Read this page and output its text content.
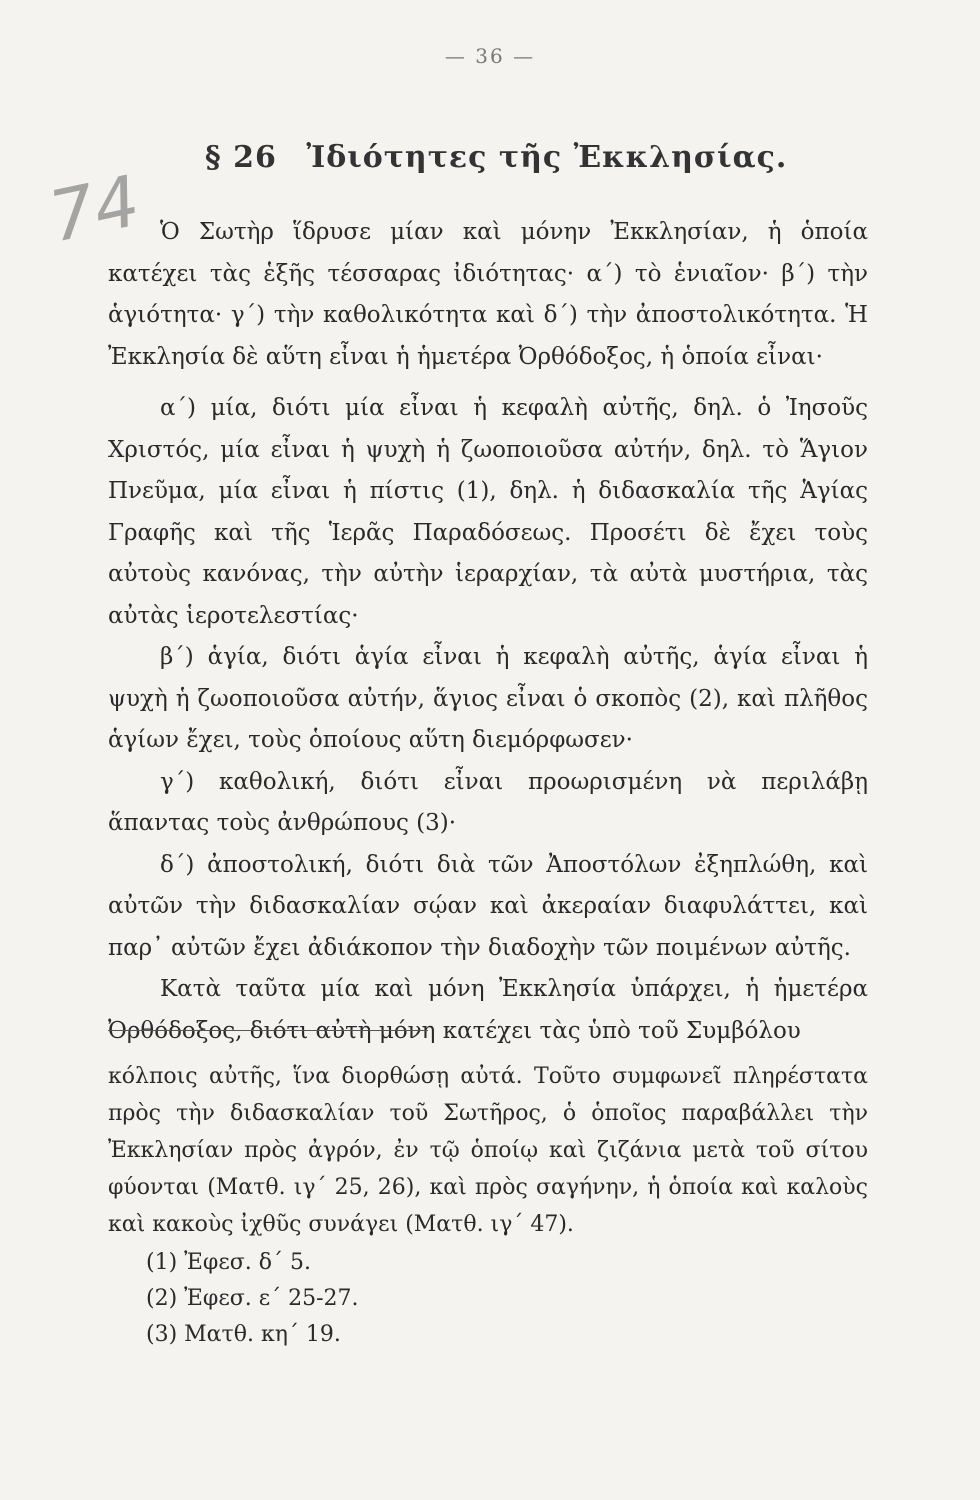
— 36 —
74
§ 26 Ἰδιότητες τῆς Ἐκκλησίας.

Ὁ Σωτὴρ ἵδρυσε μίαν καὶ μόνην Ἐκκλησίαν, ἡ ὁποία κατέχει τὰς ἑξῆς τέσσαρας ἰδιότητας· α΄) τὸ ἑνιαῖον· β΄) τὴν ἁγιότητα· γ΄) τὴν καθολικότητα καὶ δ΄) τὴν ἀποστολικότητα. Ἡ Ἐκκλησία δὲ αὕτη εἶναι ἡ ἡμετέρα Ὀρθόδοξος, ἡ ὁποία εἶναι·

α΄) μία, διότι μία εἶναι ἡ κεφαλὴ αὐτῆς, δηλ. ὁ Ἰησοῦς Χριστός, μία εἶναι ἡ ψυχὴ ἡ ζωοποιοῦσα αὐτήν, δηλ. τὸ Ἅγιον Πνεῦμα, μία εἶναι ἡ πίστις (1), δηλ. ἡ διδασκαλία τῆς Ἁγίας Γραφῆς καὶ τῆς Ἱερᾶς Παραδόσεως. Προσέτι δὲ ἔχει τοὺς αὐτοὺς κανόνας, τὴν αὐτὴν ἱεραρχίαν, τὰ αὐτὰ μυστήρια, τὰς αὐτὰς ἱεροτελεστίας·

β΄) ἁγία, διότι ἁγία εἶναι ἡ κεφαλὴ αὐτῆς, ἁγία εἶναι ἡ ψυχὴ ἡ ζωοποιοῦσα αὐτήν, ἅγιος εἶναι ὁ σκοπὸς (2), καὶ πλῆθος ἁγίων ἔχει, τοὺς ὁποίους αὕτη διεμόρφωσεν·

γ΄) καθολική, διότι εἶναι προωρισμένη νὰ περιλάβῃ ἅπαντας τοὺς ἀνθρώπους (3)·

δ΄) ἀποστολική, διότι διὰ τῶν Ἀποστόλων ἐξηπλώθη, καὶ αὐτῶν τὴν διδασκαλίαν σῴαν καὶ ἀκεραίαν διαφυλάττει, καὶ παρ᾽ αὐτῶν ἔχει ἀδιάκοπον τὴν διαδοχὴν τῶν ποιμένων αὐτῆς.

Κατὰ ταῦτα μία καὶ μόνη Ἐκκλησία ὑπάρχει, ἡ ἡμετέρα Ὀρθόδοξος, διότι αὐτὴ μόνη κατέχει τὰς ὑπὸ τοῦ Συμβόλου

κόλποις αὐτῆς, ἵνα διορθώσῃ αὐτά. Τοῦτο συμφωνεῖ πληρέστατα πρὸς τὴν διδασκαλίαν τοῦ Σωτῆρος, ὁ ὁποῖος παραβάλλει τὴν Ἐκκλησίαν πρὸς ἀγρόν, ἐν τῷ ὁποίῳ καὶ ζιζάνια μετὰ τοῦ σίτου φύονται (Ματθ. ιγ΄ 25, 26), καὶ πρὸς σαγήνην, ἡ ὁποία καὶ καλοὺς καὶ κακοὺς ἰχθῦς συνάγει (Ματθ. ιγ΄ 47).

(1) Ἐφεσ. δ΄ 5.
(2) Ἐφεσ. ε΄ 25-27.
(3) Ματθ. κη΄ 19.
